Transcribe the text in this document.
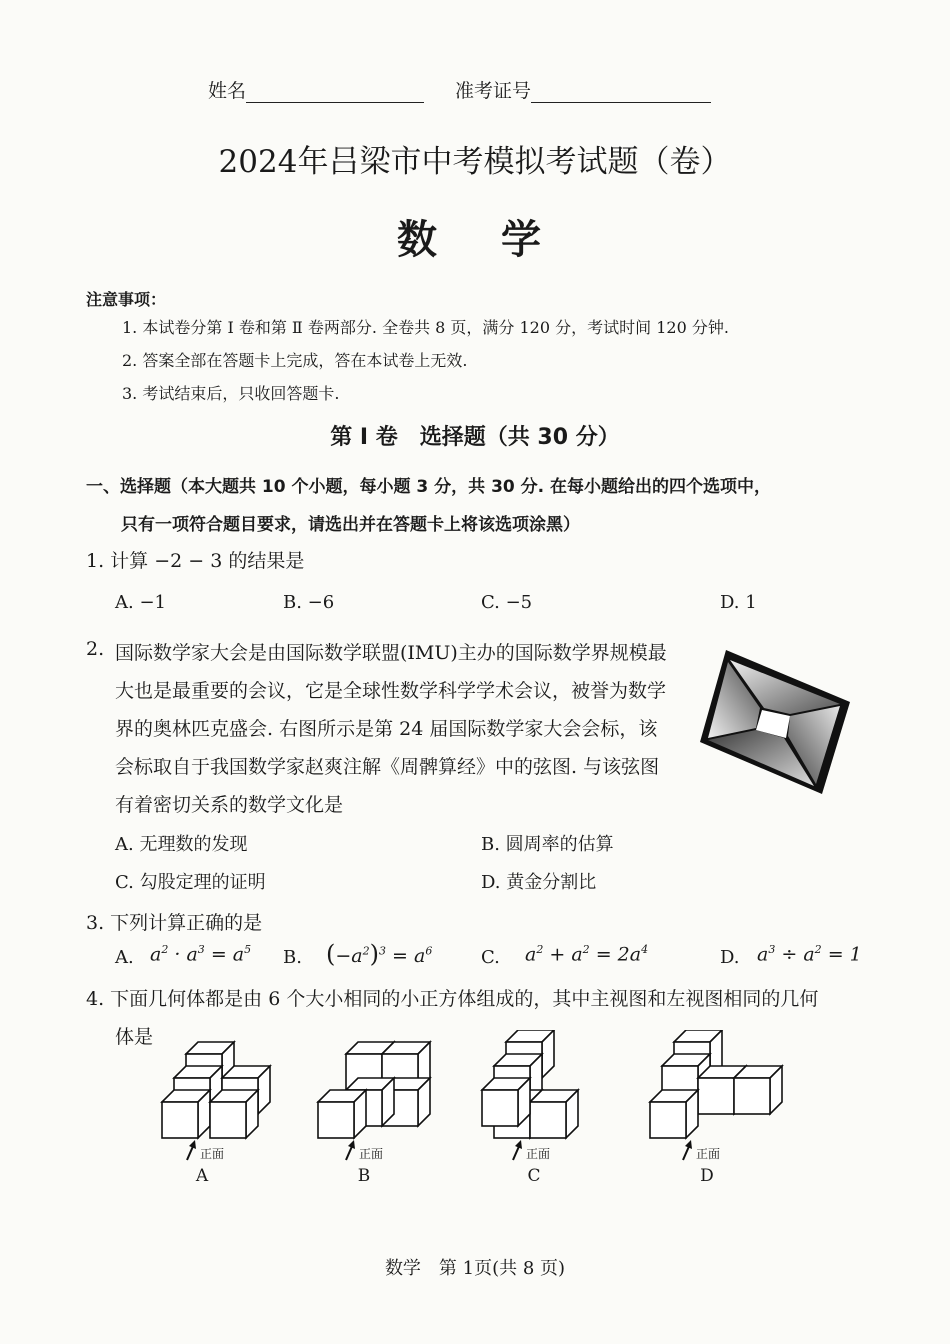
姓名	准考证号
2024年吕梁市中考模拟考试题（卷）
数　学
注意事项：
1. 本试卷分第 Ⅰ 卷和第 Ⅱ 卷两部分. 全卷共 8 页，满分 120 分，考试时间 120 分钟.
2. 答案全部在答题卡上完成，答在本试卷上无效.
3. 考试结束后，只收回答题卡.
第 Ⅰ 卷　选择题（共 30 分）
一、选择题（本大题共 10 个小题，每小题 3 分，共 30 分. 在每小题给出的四个选项中，
只有一项符合题目要求，请选出并在答题卡上将该选项涂黑）
1. 计算 −2 − 3 的结果是
A. −1	B. −6	C. −5	D. 1
2. 国际数学家大会是由国际数学联盟(IMU)主办的国际数学界规模最
大也是最重要的会议，它是全球性数学科学学术会议，被誉为数学
界的奥林匹克盛会. 右图所示是第 24 届国际数学家大会会标，该
会标取自于我国数学家赵爽注解《周髀算经》中的弦图. 与该弦图
有着密切关系的数学文化是
A. 无理数的发现	B. 圆周率的估算
C. 勾股定理的证明	D. 黄金分割比
3. 下列计算正确的是
A. $a^2 \cdot a^3 = a^5$ B. $(-a^2)^3 = a^6$	C. $a^2 + a^2 = 2a^4$	D. $a^3 \div a^2 = 1$
4. 下面几何体都是由 6 个大小相同的小正方体组成的，其中主视图和左视图相同的几何
体是
正面	正面	正面	正面
A	B	C	D
数学　第 1页(共 8 页)
